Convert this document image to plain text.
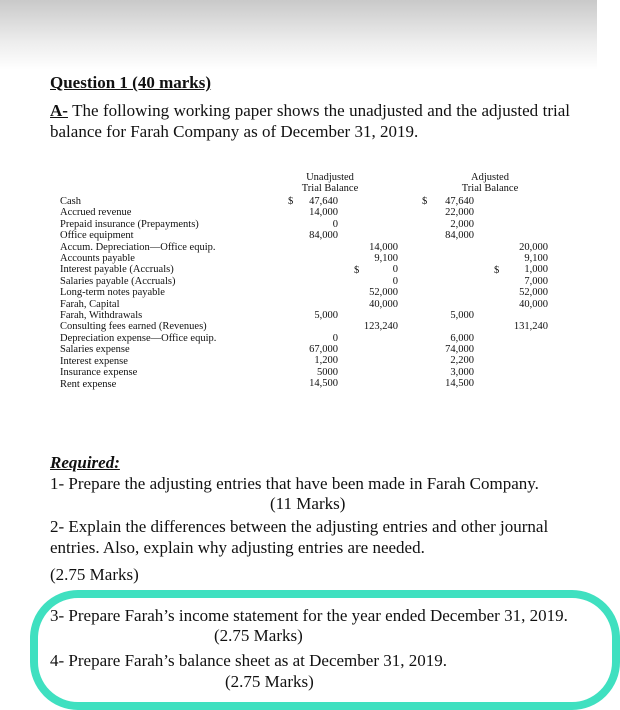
Question 1 (40 marks)
A- The following working paper shows the unadjusted and the adjusted trial balance for Farah Company as of December 31, 2019.
Unadjusted
Trial Balance
Adjusted
Trial Balance
Cash
Accrued revenue
Prepaid insurance (Prepayments)
Office equipment
Accum. Depreciation—Office equip.
Accounts payable
Interest payable (Accruals)
Salaries payable (Accruals)
Long-term notes payable
Farah, Capital
Farah, Withdrawals
Consulting fees earned (Revenues)
Depreciation expense—Office equip.
Salaries expense
Interest expense
Insurance expense
Rent expense
$
$
$
$
47,640
14,000
0
84,000
5,000
0
67,000
1,200
5000
14,500
14,000
9,100
0
0
52,000
40,000
123,240
47,640
22,000
2,000
84,000
5,000
6,000
74,000
2,200
3,000
14,500
20,000
9,100
1,000
7,000
52,000
40,000
131,240
Required:
1- Prepare the adjusting entries that have been made in Farah Company.
(11 Marks)
2- Explain the differences between the adjusting entries and other journal entries. Also, explain why adjusting entries are needed.
(2.75 Marks)
3- Prepare Farah’s income statement for the year ended December 31, 2019.
(2.75 Marks)
4- Prepare Farah’s balance sheet as at December 31, 2019.
(2.75 Marks)
